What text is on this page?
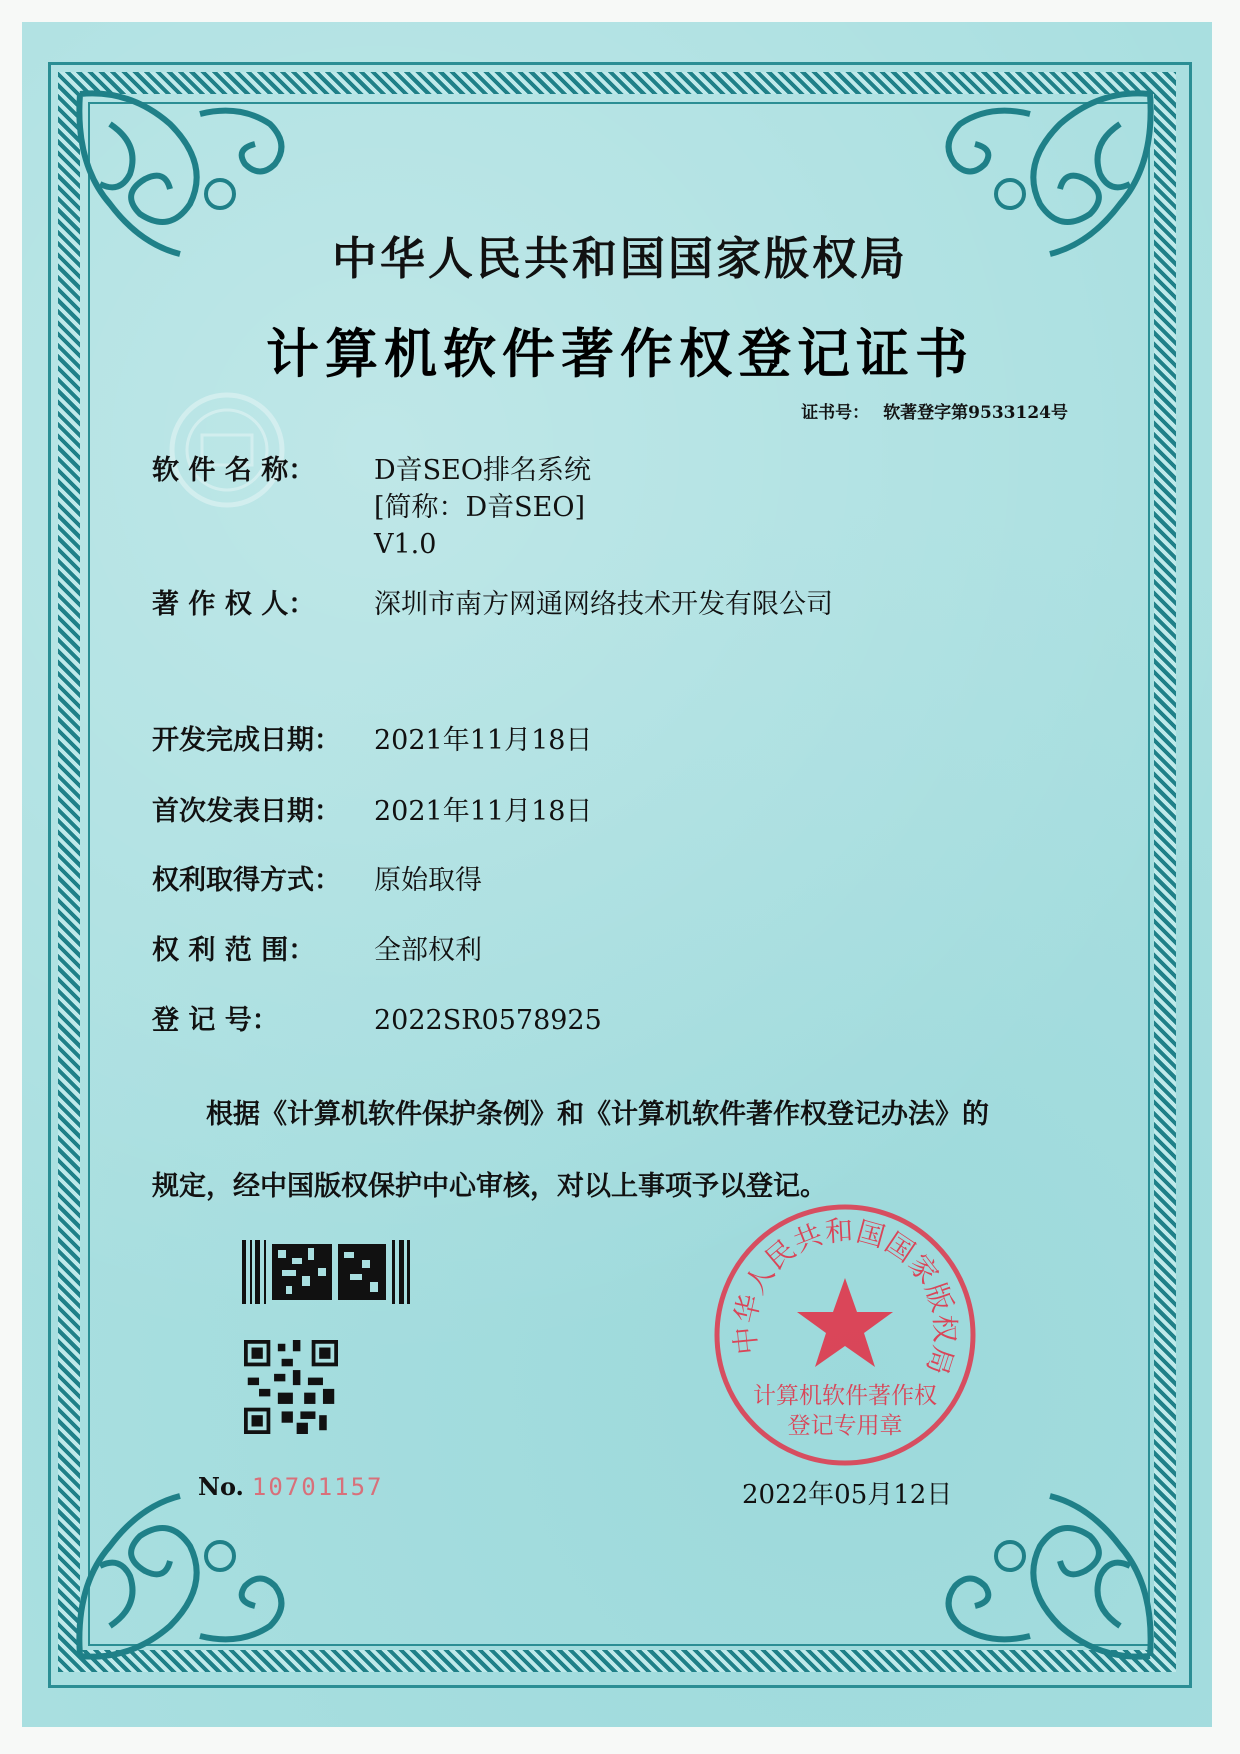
中华人民共和国国家版权局
计算机软件著作权登记证书
证书号： 软著登字第9533124号
软 件 名 称： D音SEO排名系统
[简称：D音SEO]
V1.0
著 作 权 人： 深圳市南方网通网络技术开发有限公司
开发完成日期： 2021年11月18日
首次发表日期： 2021年11月18日
权利取得方式： 原始取得
权 利 范 围： 全部权利
登 记 号：	2022SR0578925
根据《计算机软件保护条例》和《计算机软件著作权登记办法》的
规定，经中国版权保护中心审核，对以上事项予以登记。
No. 10701157
中华人民共和国国家版权局
计算机软件著作权
登记专用章
2022年05月12日
